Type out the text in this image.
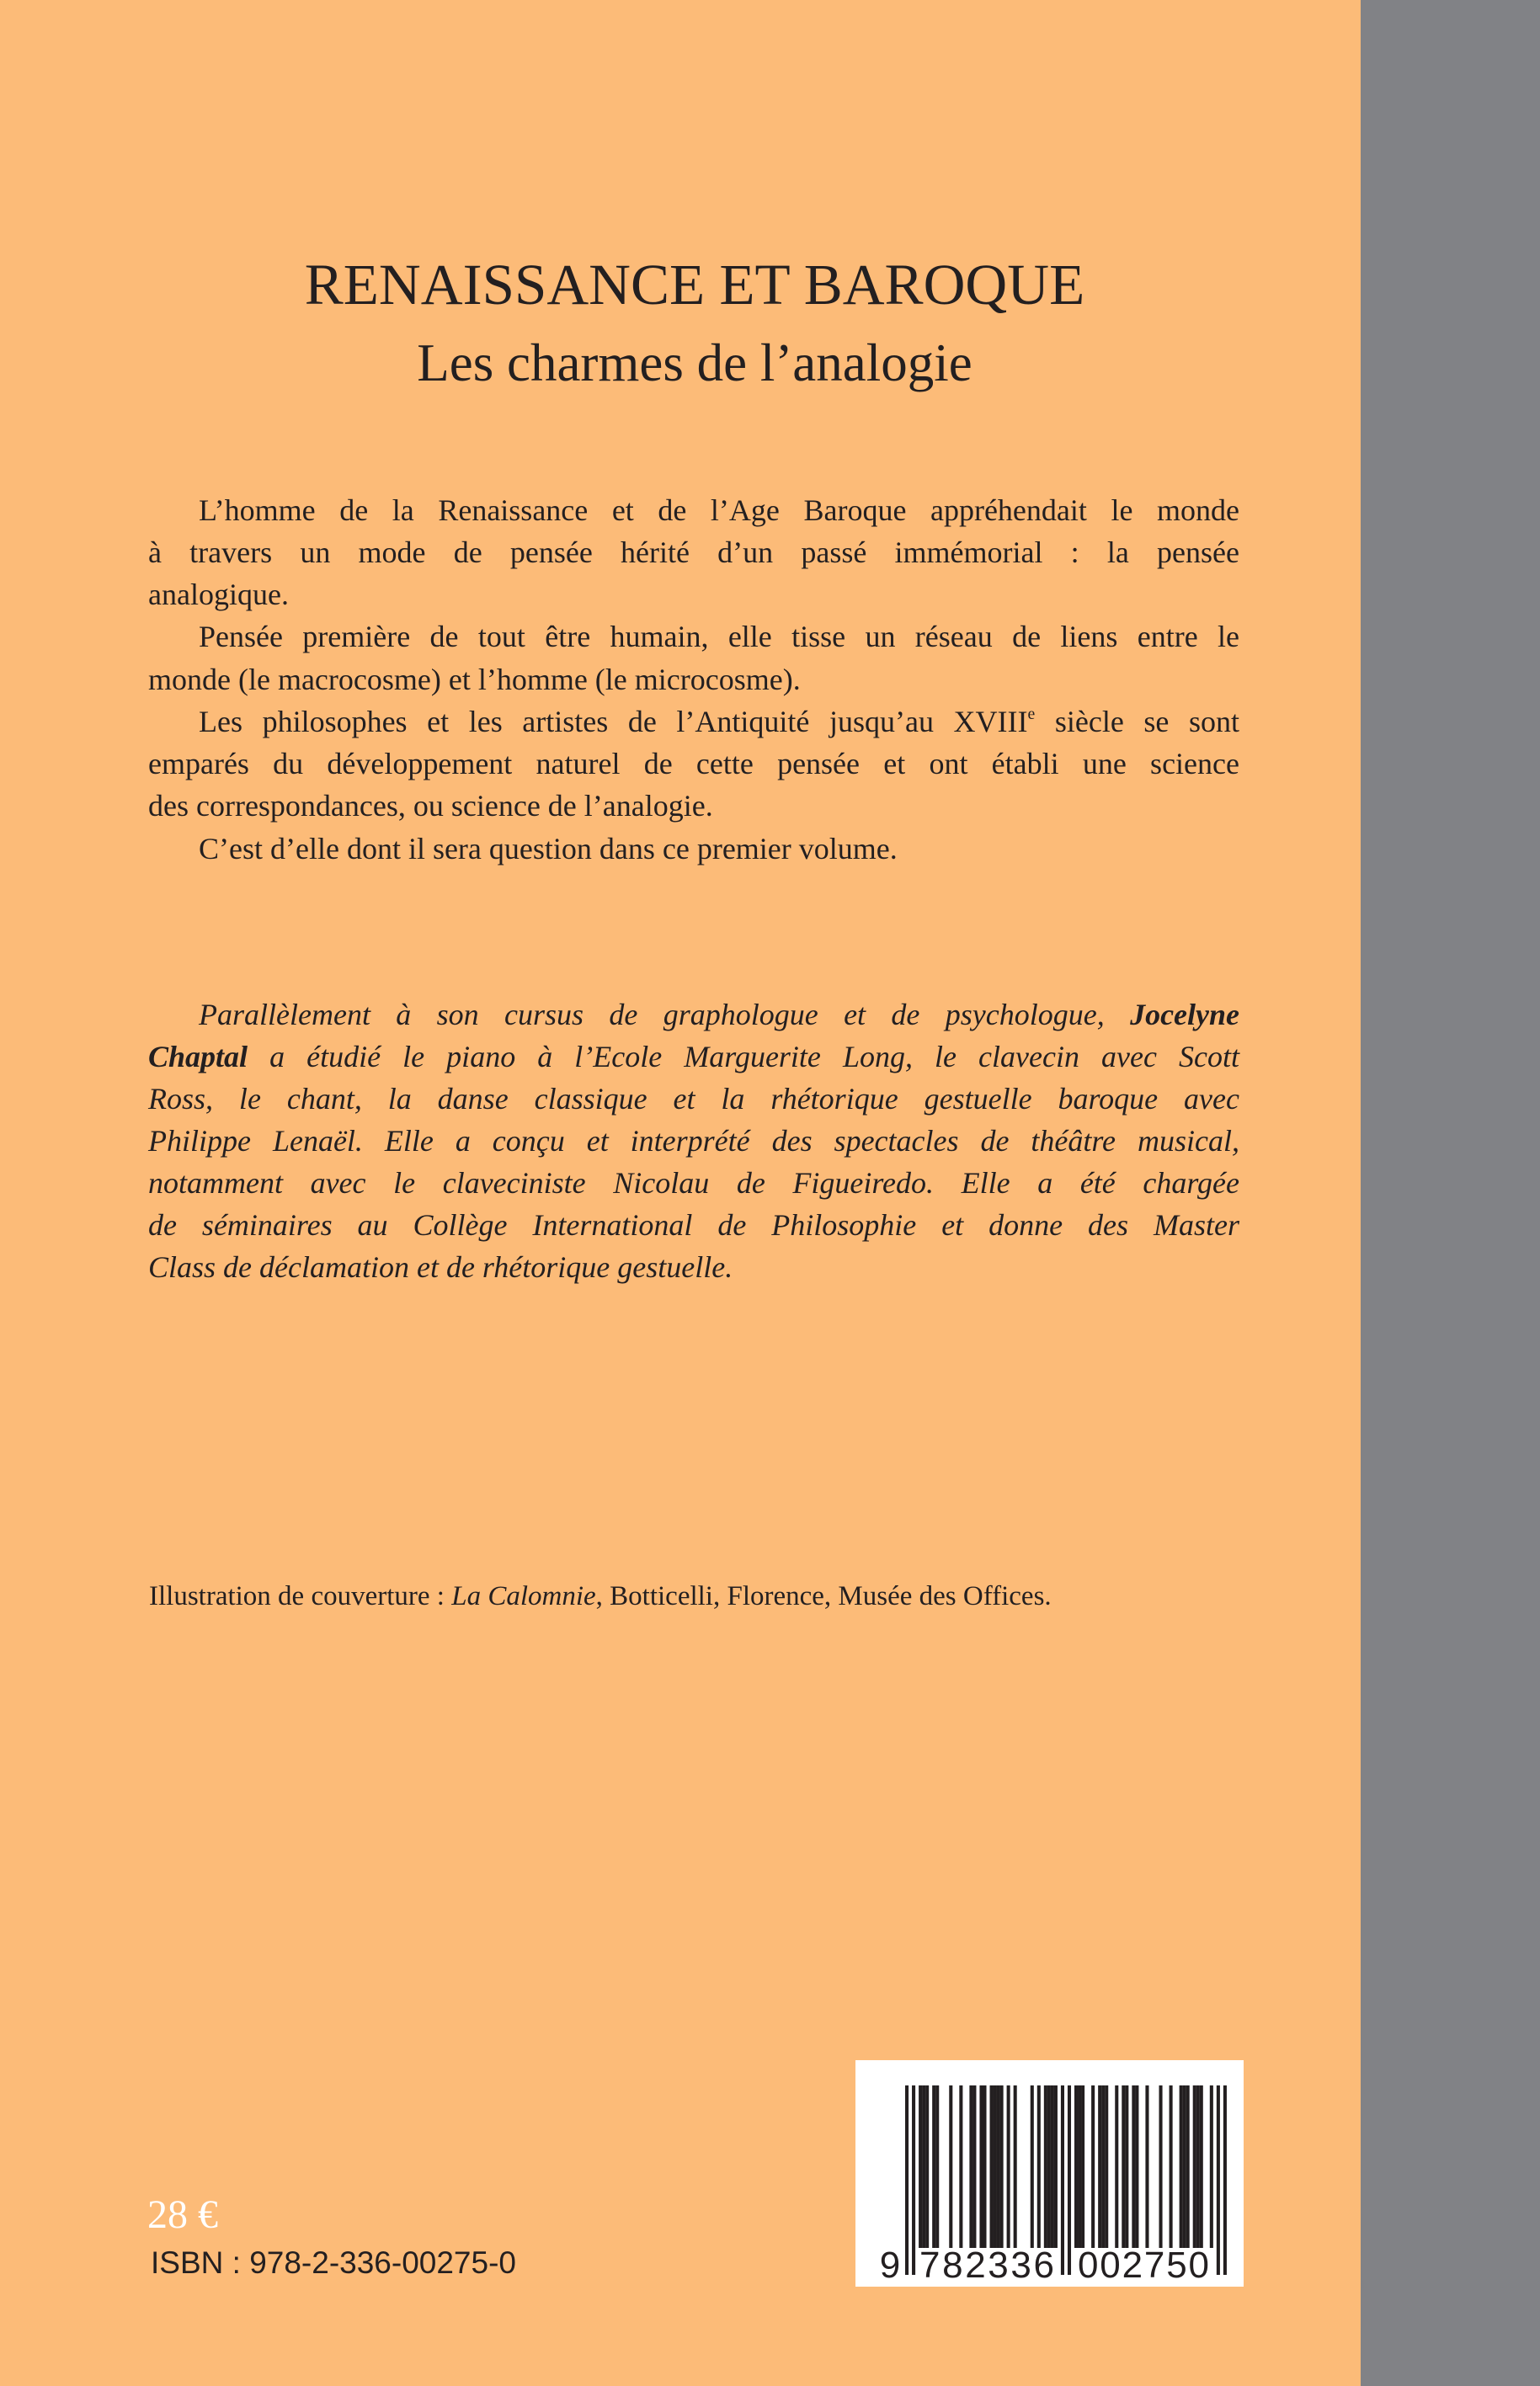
RENAISSANCE ET BAROQUE
Les charmes de l’analogie
L’homme de la Renaissance et de l’Age Baroque appréhendait le monde
à travers un mode de pensée hérité d’un passé immémorial : la pensée
analogique.
Pensée première de tout être humain, elle tisse un réseau de liens entre le
monde (le macrocosme) et l’homme (le microcosme).
Les philosophes et les artistes de l’Antiquité jusqu’au XVIIIe siècle se sont
emparés du développement naturel de cette pensée et ont établi une science
des correspondances, ou science de l’analogie.
C’est d’elle dont il sera question dans ce premier volume.
Parallèlement à son cursus de graphologue et de psychologue, Jocelyne
Chaptal a étudié le piano à l’Ecole Marguerite Long, le clavecin avec Scott
Ross, le chant, la danse classique et la rhétorique gestuelle baroque avec
Philippe Lenaël. Elle a conçu et interprété des spectacles de théâtre musical,
notamment avec le claveciniste Nicolau de Figueiredo. Elle a été chargée
de séminaires au Collège International de Philosophie et donne des Master
Class de déclamation et de rhétorique gestuelle.
Illustration de couverture : La Calomnie, Botticelli, Florence, Musée des Offices.
28 €
ISBN : 978-2-336-00275-0	9 782336 002750
